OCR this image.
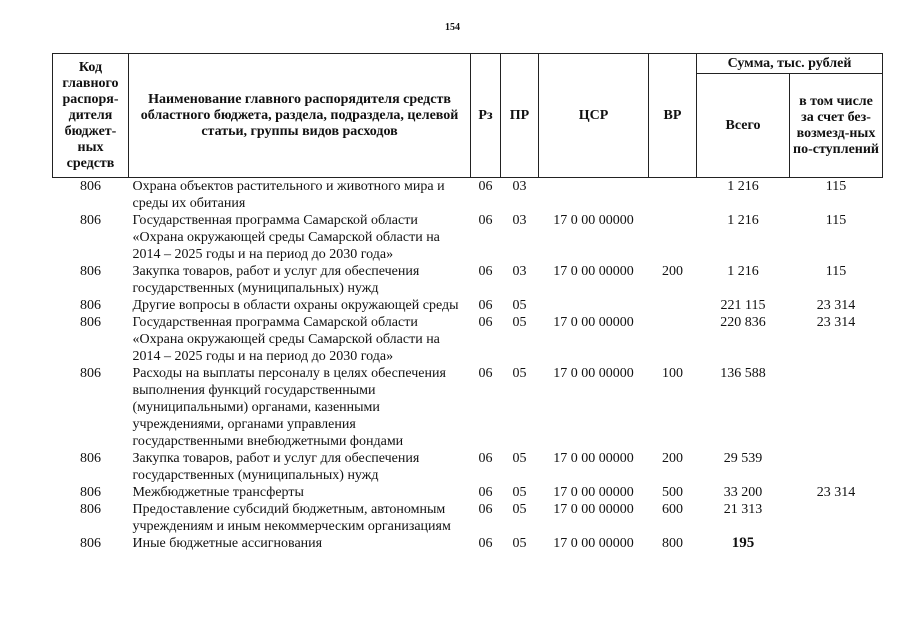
154
Код главного распоря-дителя бюджет-ных средств	Наименование главного распорядителя средств областного бюджета, раздела, подраздела, целевой статьи, группы видов расходов	Рз	ПР	ЦСР	ВР	Сумма, тыс. рублей	
						Всего	в том числе за счет без-возмезд-ных по-ступлений
806	Охрана объектов растительного и животного мира и среды их обитания	06	03			1 216	115
806	Государственная программа Самарской области «Охрана окружающей среды Самарской области на 2014 – 2025 годы и на период до 2030 года»	06	03	17 0 00 00000		1 216	115
806	Закупка товаров, работ и услуг для обеспечения государственных (муниципальных) нужд	06	03	17 0 00 00000	200	1 216	115
806	Другие вопросы в области охраны окружающей среды	06	05			221 115	23 314
806	Государственная программа Самарской области «Охрана окружающей среды Самарской области на 2014 – 2025 годы и на период до 2030 года»	06	05	17 0 00 00000		220 836	23 314
806	Расходы на выплаты персоналу в целях обеспечения выполнения функций государственными (муниципальными) органами, казенными учреждениями, органами управления государственными внебюджетными фондами	06	05	17 0 00 00000	100	136 588	
806	Закупка товаров, работ и услуг для обеспечения государственных (муниципальных) нужд	06	05	17 0 00 00000	200	29 539	
806	Межбюджетные трансферты	06	05	17 0 00 00000	500	33 200	23 314
806	Предоставление субсидий бюджетным, автономным учреждениям и иным некоммерческим организациям	06	05	17 0 00 00000	600	21 313	
806	Иные бюджетные ассигнования	06	05	17 0 00 00000	800	195	
